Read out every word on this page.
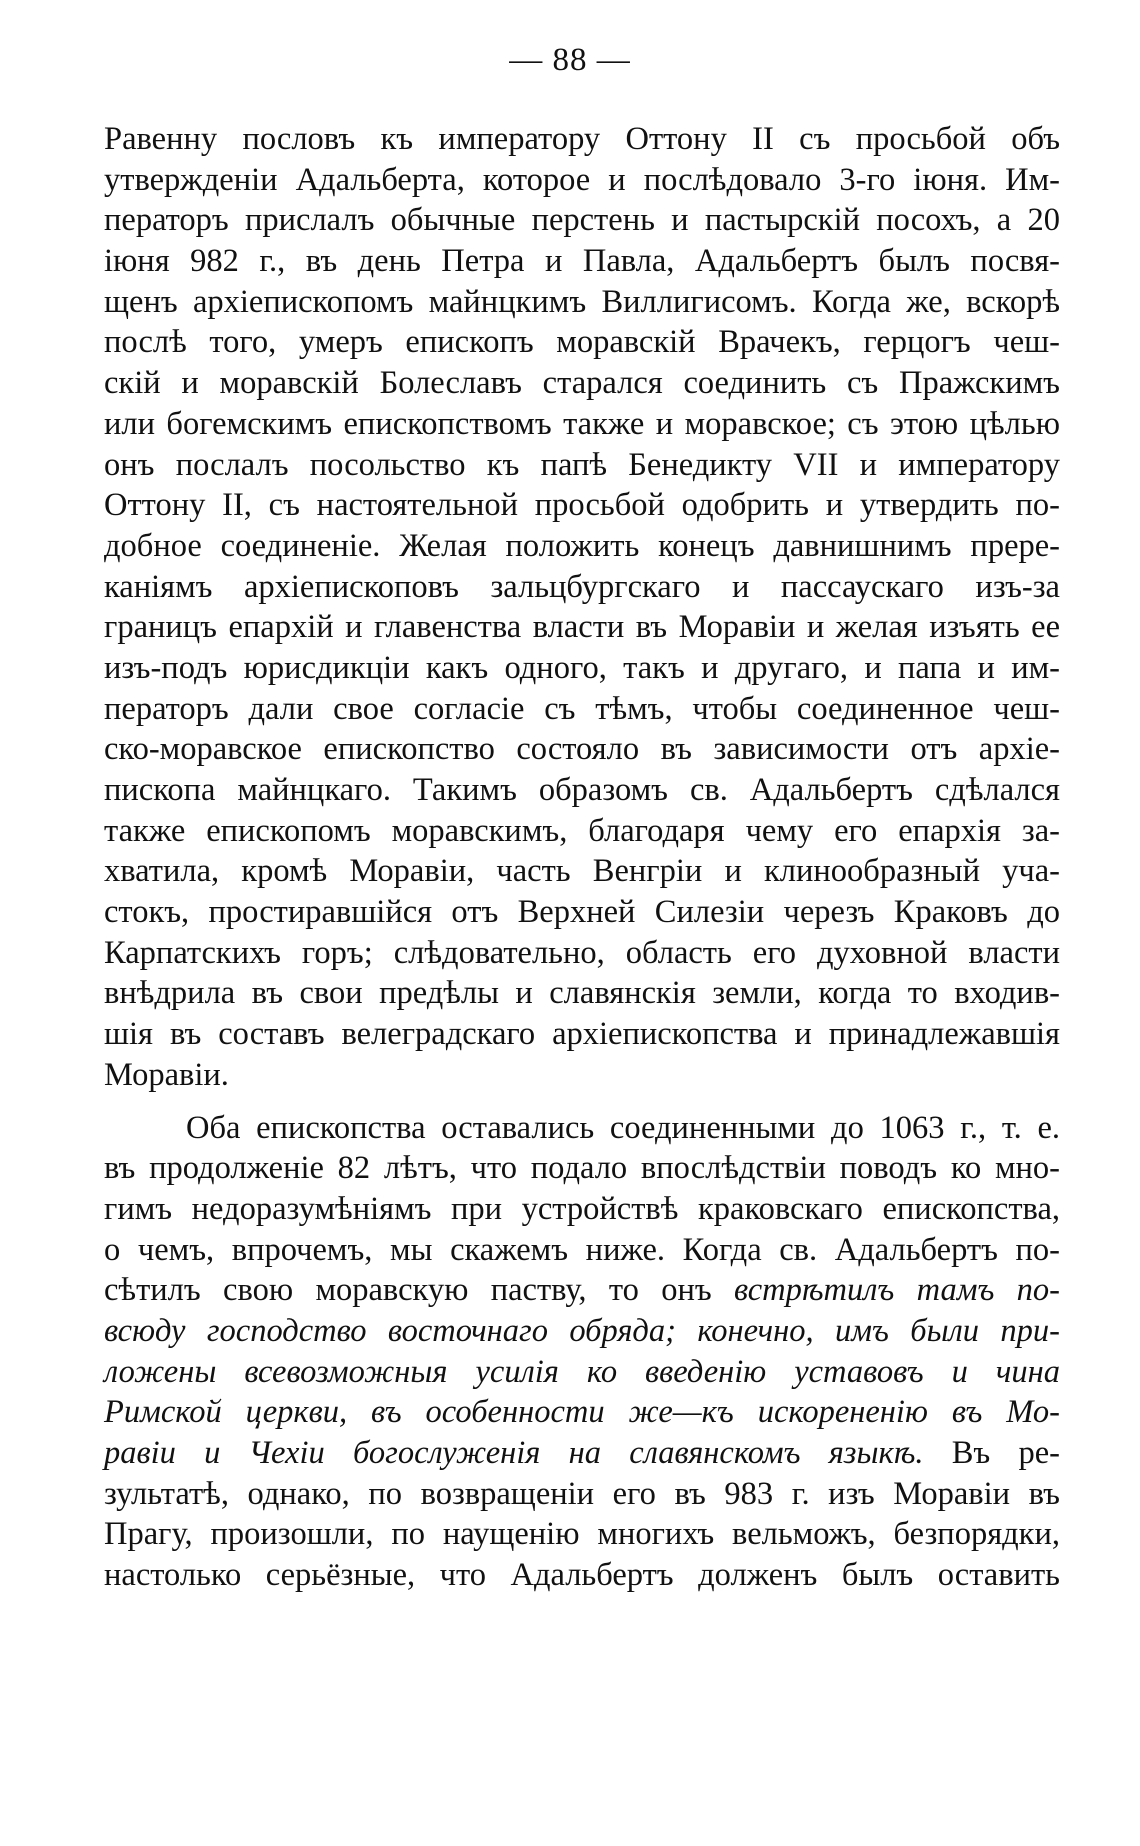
— 88 —
Равенну пословъ къ императору Оттону II съ просьбой объ
утвержденiи Адальберта, которое и послѣдовало 3-го iюня. Им-
ператоръ прислалъ обычные перстень и пастырскiй посохъ, а 20
iюня 982 г., въ день Петра и Павла, Адальбертъ былъ посвя-
щенъ архiепископомъ майнцкимъ Виллигисомъ. Когда же, вскорѣ
послѣ того, умеръ епископъ моравскiй Врачекъ, герцогъ чеш-
скiй и моравскiй Болеславъ старался соединить съ Пражскимъ
или богемскимъ епископствомъ также и моравское; съ этою цѣлью
онъ послалъ посольство къ папѣ Бенедикту VII и императору
Оттону II, съ настоятельной просьбой одобрить и утвердить по-
добное соединенiе. Желая положить конецъ давнишнимъ прере-
канiямъ архiепископовъ зальцбургскаго и пассаускаго изъ-за
границъ епархiй и главенства власти въ Моравiи и желая изъять ее
изъ-подъ юрисдикцiи какъ одного, такъ и другаго, и папа и им-
ператоръ дали свое согласiе съ тѣмъ, чтобы соединенное чеш-
ско-моравское епископство состояло въ зависимости отъ архiе-
пископа майнцкаго. Такимъ образомъ св. Адальбертъ сдѣлался
также епископомъ моравскимъ, благодаря чему его епархiя за-
хватила, кромѣ Моравiи, часть Венгрiи и клинообразный уча-
стокъ, простиравшiйся отъ Верхней Силезiи черезъ Краковъ до
Карпатскихъ горъ; слѣдовательно, область его духовной власти
внѣдрила въ свои предѣлы и славянскiя земли, когда то входив-
шiя въ составъ велеградскаго архiепископства и принадлежавшiя
Моравiи.
Оба епископства оставались соединенными до 1063 г., т. е.
въ продолженiе 82 лѣтъ, что подало впослѣдствiи поводъ ко мно-
гимъ недоразумѣнiямъ при устройствѣ краковскаго епископства,
о чемъ, впрочемъ, мы скажемъ ниже. Когда св. Адальбертъ по-
сѣтилъ свою моравскую паству, то онъ встрѣтилъ тамъ по-
всюду господство восточнаго обряда; конечно, имъ были при-
ложены всевозможныя усилiя ко введенiю уставовъ и чина
Римской церкви, въ особенности же—къ искорененiю въ Мо-
равiи и Чехiи богослуженiя на славянскомъ языкѣ. Въ ре-
зультатѣ, однако, по возвращенiи его въ 983 г. изъ Моравiи въ
Прагу, произошли, по наущенiю многихъ вельможъ, безпорядки,
настолько серьёзные, что Адальбертъ долженъ былъ оставить
